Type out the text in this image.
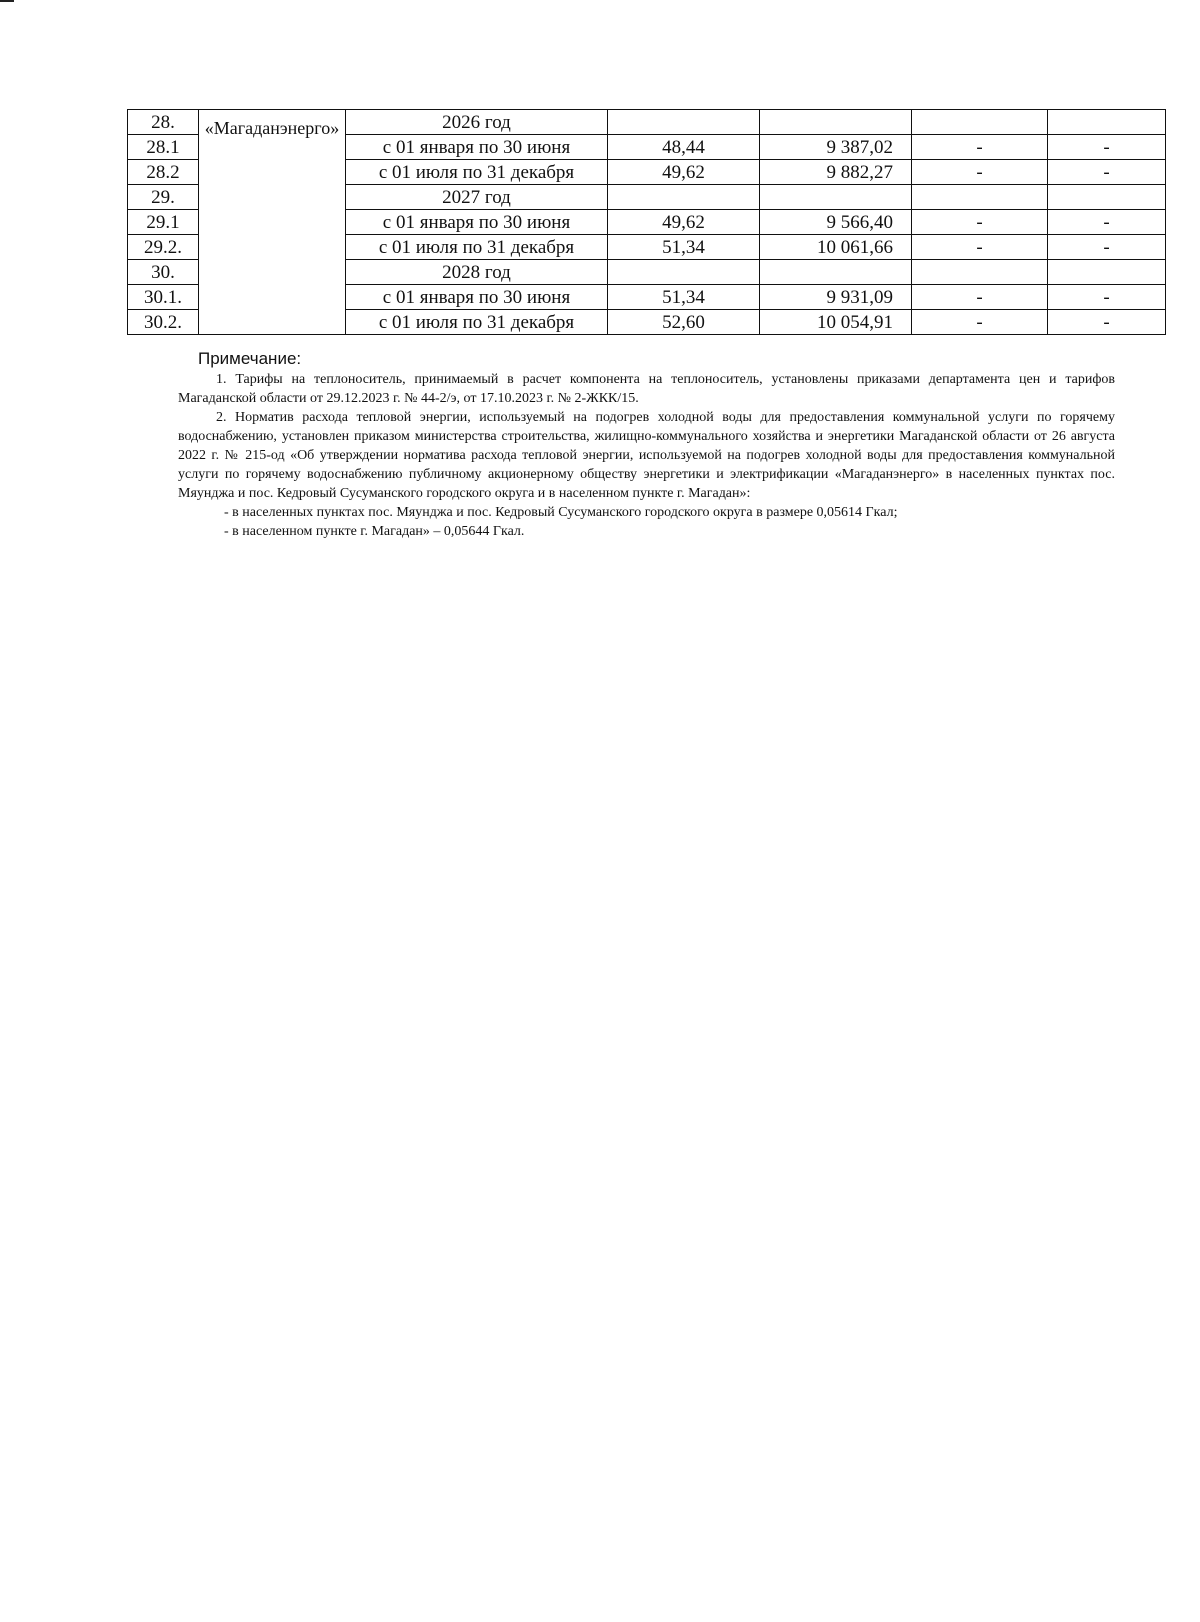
28.	«Магаданэнерго»	2026 год				
28.1		с 01 января по 30 июня	48,44	9 387,02	-	-
28.2		с 01 июля по 31 декабря	49,62	9 882,27	-	-
29.		2027 год				
29.1		с 01 января по 30 июня	49,62	9 566,40	-	-
29.2.		с 01 июля по 31 декабря	51,34	10 061,66	-	-
30.		2028 год				
30.1.		с 01 января по 30 июня	51,34	9 931,09	-	-
30.2.		с 01 июля по 31 декабря	52,60	10 054,91	-	-
Примечание:

1. Тарифы на теплоноситель, принимаемый в расчет компонента на теплоноситель, установлены приказами департамента цен и тарифов Магаданской области от 29.12.2023 г. № 44-2/э, от 17.10.2023 г. № 2-ЖКК/15.

2. Норматив расхода тепловой энергии, используемый на подогрев холодной воды для предоставления коммунальной услуги по горячему водоснабжению, установлен приказом министерства строительства, жилищно-коммунального хозяйства и энергетики Магаданской области от 26 августа 2022 г. № 215-од «Об утверждении норматива расхода тепловой энергии, используемой на подогрев холодной воды для предоставления коммунальной услуги по горячему водоснабжению публичному акционерному обществу энергетики и электрификации «Магаданэнерго» в населенных пунктах пос. Мяунджа и пос. Кедровый Сусуманского городского округа и в населенном пункте г. Магадан»:

- в населенных пунктах пос. Мяунджа и пос. Кедровый Сусуманского городского округа в размере 0,05614 Гкал;

- в населенном пункте г. Магадан» – 0,05644 Гкал.
